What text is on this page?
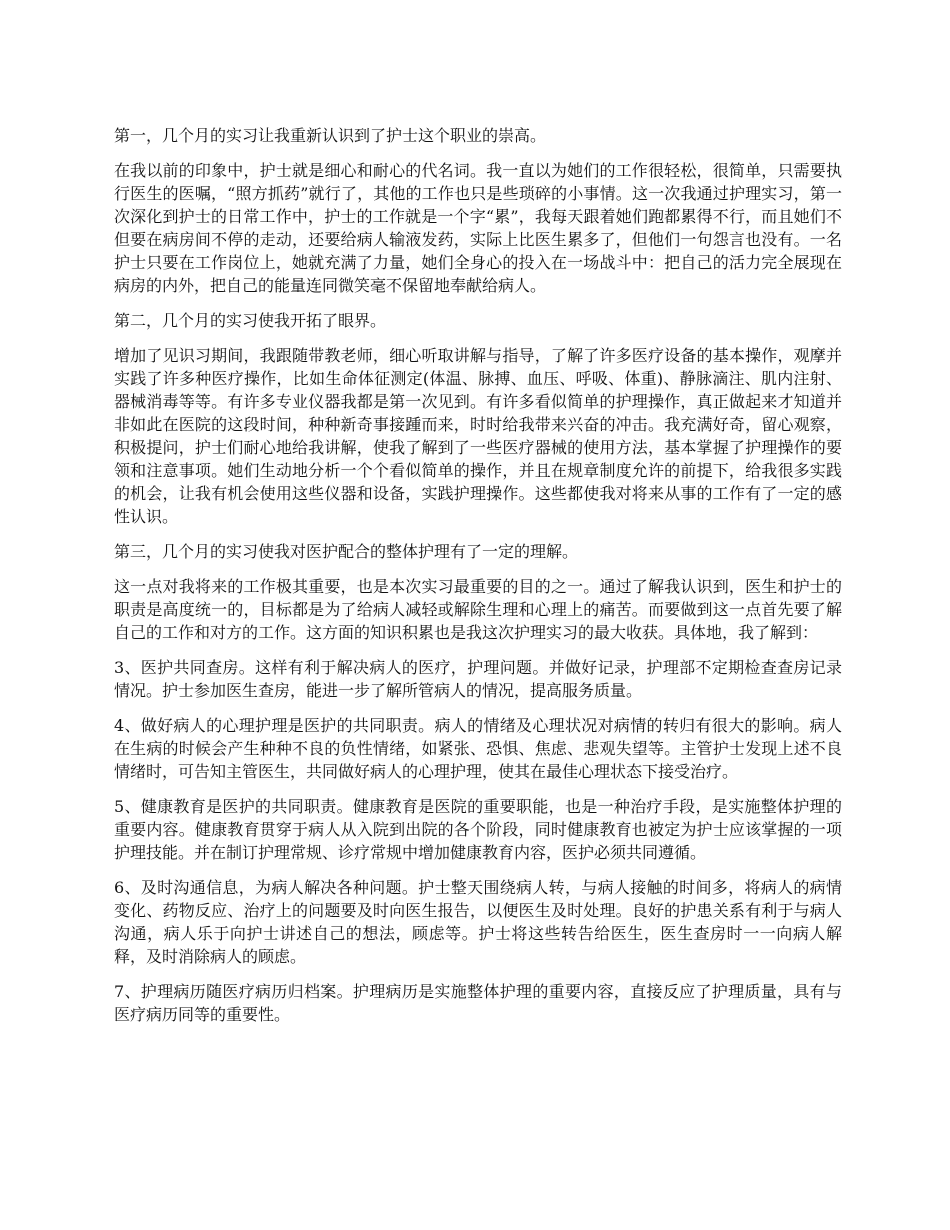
第一，几个月的实习让我重新认识到了护士这个职业的崇高。

在我以前的印象中，护士就是细心和耐心的代名词。我一直以为她们的工作很轻松，很简单，只需要执行医生的医嘱，“照方抓药”就行了，其他的工作也只是些琐碎的小事情。这一次我通过护理实习，第一次深化到护士的日常工作中，护士的工作就是一个字“累”，我每天跟着她们跑都累得不行，而且她们不但要在病房间不停的走动，还要给病人输液发药，实际上比医生累多了，但他们一句怨言也没有。一名护士只要在工作岗位上，她就充满了力量，她们全身心的投入在一场战斗中：把自己的活力完全展现在病房的内外，把自己的能量连同微笑毫不保留地奉献给病人。

第二，几个月的实习使我开拓了眼界。

增加了见识习期间，我跟随带教老师，细心听取讲解与指导，了解了许多医疗设备的基本操作，观摩并实践了许多种医疗操作，比如生命体征测定(体温、脉搏、血压、呼吸、体重)、静脉滴注、肌内注射、器械消毒等等。有许多专业仪器我都是第一次见到。有许多看似简单的护理操作，真正做起来才知道并非如此在医院的这段时间，种种新奇事接踵而来，时时给我带来兴奋的冲击。我充满好奇，留心观察，积极提问，护士们耐心地给我讲解，使我了解到了一些医疗器械的使用方法，基本掌握了护理操作的要领和注意事项。她们生动地分析一个个看似简单的操作，并且在规章制度允许的前提下，给我很多实践的机会，让我有机会使用这些仪器和设备，实践护理操作。这些都使我对将来从事的工作有了一定的感性认识。

第三，几个月的实习使我对医护配合的整体护理有了一定的理解。

这一点对我将来的工作极其重要，也是本次实习最重要的目的之一。通过了解我认识到，医生和护士的职责是高度统一的，目标都是为了给病人减轻或解除生理和心理上的痛苦。而要做到这一点首先要了解自己的工作和对方的工作。这方面的知识积累也是我这次护理实习的最大收获。具体地，我了解到：

3、医护共同查房。这样有利于解决病人的医疗，护理问题。并做好记录，护理部不定期检查查房记录情况。护士参加医生查房，能进一步了解所管病人的情况，提高服务质量。

4、做好病人的心理护理是医护的共同职责。病人的情绪及心理状况对病情的转归有很大的影响。病人在生病的时候会产生种种不良的负性情绪，如紧张、恐惧、焦虑、悲观失望等。主管护士发现上述不良情绪时，可告知主管医生，共同做好病人的心理护理，使其在最佳心理状态下接受治疗。

5、健康教育是医护的共同职责。健康教育是医院的重要职能，也是一种治疗手段，是实施整体护理的重要内容。健康教育贯穿于病人从入院到出院的各个阶段，同时健康教育也被定为护士应该掌握的一项护理技能。并在制订护理常规、诊疗常规中增加健康教育内容，医护必须共同遵循。

6、及时沟通信息，为病人解决各种问题。护士整天围绕病人转，与病人接触的时间多，将病人的病情变化、药物反应、治疗上的问题要及时向医生报告，以便医生及时处理。良好的护患关系有利于与病人沟通，病人乐于向护士讲述自己的想法，顾虑等。护士将这些转告给医生，医生查房时一一向病人解释，及时消除病人的顾虑。

7、护理病历随医疗病历归档案。护理病历是实施整体护理的重要内容，直接反应了护理质量，具有与医疗病历同等的重要性。
